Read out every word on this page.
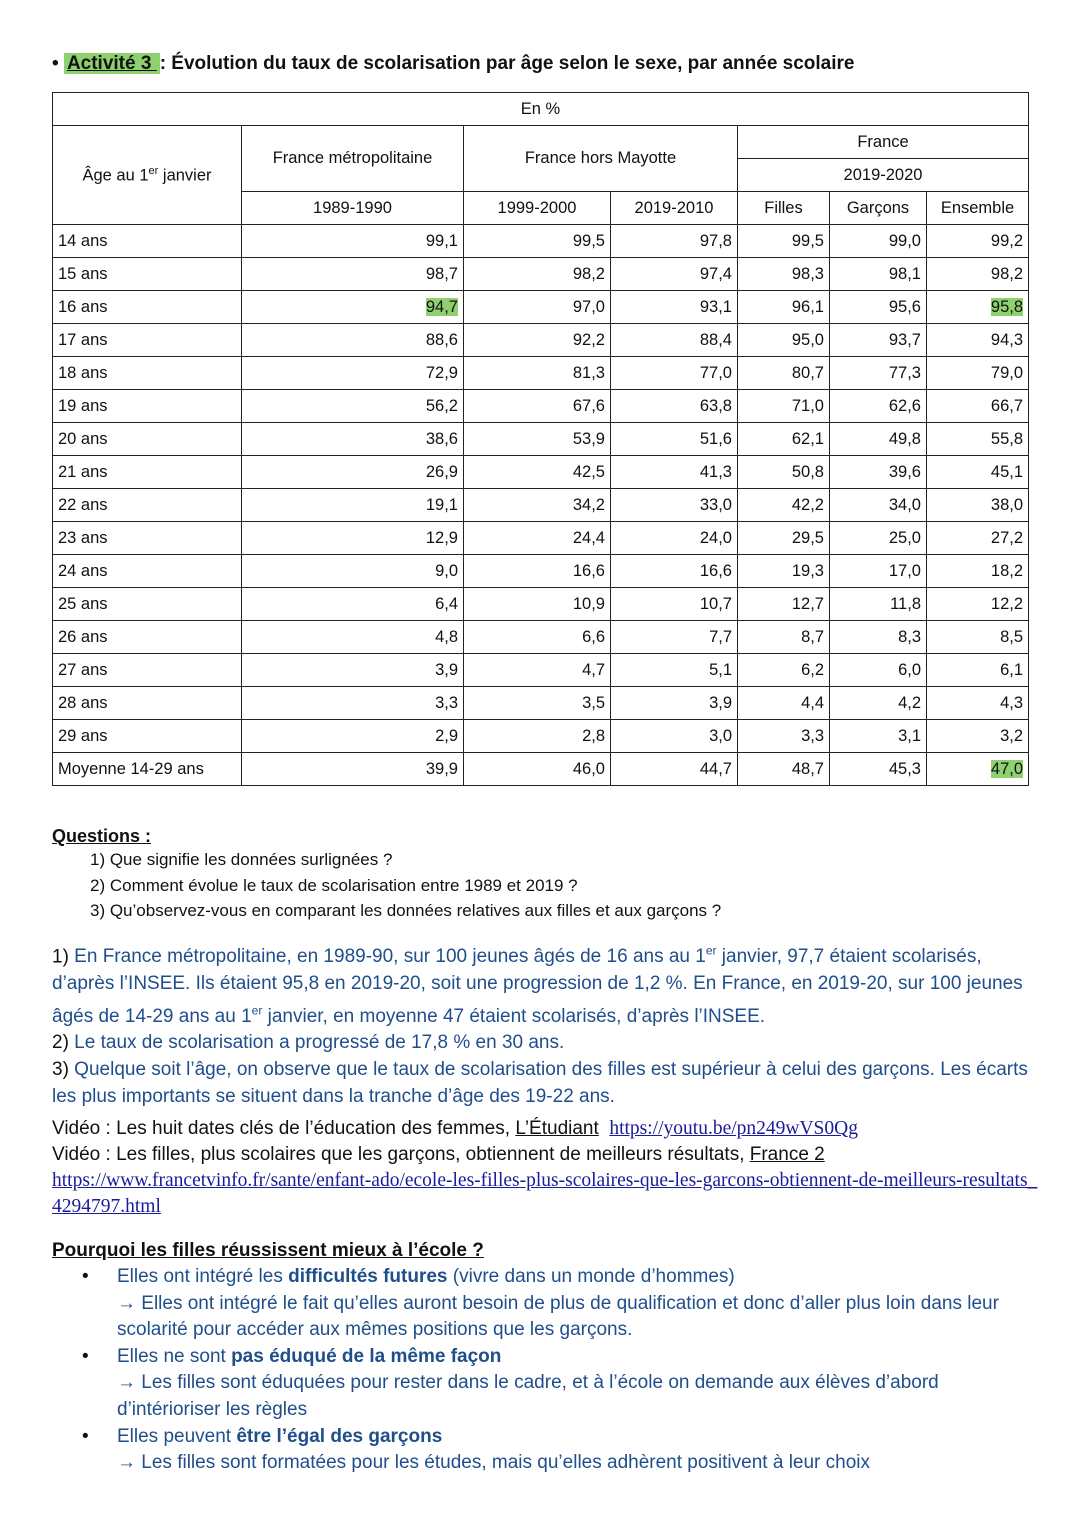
• Activité 3 : Évolution du taux de scolarisation par âge selon le sexe, par année scolaire
En %						
Âge au 1er janvier	France métropolitaine	France hors Mayotte		France		
				2019-2020		
	1989-1990	1999-2000	2019-2010	Filles	Garçons	Ensemble
14 ans	99,1	99,5	97,8	99,5	99,0	99,2
15 ans	98,7	98,2	97,4	98,3	98,1	98,2
16 ans	94,7	97,0	93,1	96,1	95,6	95,8
17 ans	88,6	92,2	88,4	95,0	93,7	94,3
18 ans	72,9	81,3	77,0	80,7	77,3	79,0
19 ans	56,2	67,6	63,8	71,0	62,6	66,7
20 ans	38,6	53,9	51,6	62,1	49,8	55,8
21 ans	26,9	42,5	41,3	50,8	39,6	45,1
22 ans	19,1	34,2	33,0	42,2	34,0	38,0
23 ans	12,9	24,4	24,0	29,5	25,0	27,2
24 ans	9,0	16,6	16,6	19,3	17,0	18,2
25 ans	6,4	10,9	10,7	12,7	11,8	12,2
26 ans	4,8	6,6	7,7	8,7	8,3	8,5
27 ans	3,9	4,7	5,1	6,2	6,0	6,1
28 ans	3,3	3,5	3,9	4,4	4,2	4,3
29 ans	2,9	2,8	3,0	3,3	3,1	3,2
Moyenne 14-29 ans	39,9	46,0	44,7	48,7	45,3	47,0
Questions :
1) Que signifie les données surlignées ?
2) Comment évolue le taux de scolarisation entre 1989 et 2019 ?
3) Qu’observez-vous en comparant les données relatives aux filles et aux garçons ?
1) En France métropolitaine, en 1989-90, sur 100 jeunes âgés de 16 ans au 1er janvier, 97,7 étaient scolarisés, d’après l’INSEE. Ils étaient 95,8 en 2019-20, soit une progression de 1,2 %. En France, en 2019-20, sur 100 jeunes âgés de 14-29 ans au 1er janvier, en moyenne 47 étaient scolarisés, d’après l’INSEE.
2) Le taux de scolarisation a progressé de 17,8 % en 30 ans.
3) Quelque soit l’âge, on observe que le taux de scolarisation des filles est supérieur à celui des garçons. Les écarts les plus importants se situent dans la tranche d’âge des 19-22 ans.
Vidéo : Les huit dates clés de l’éducation des femmes, L’Étudiant https://youtu.be/pn249wVS0Qg
Vidéo : Les filles, plus scolaires que les garçons, obtiennent de meilleurs résultats, France 2
https://www.francetvinfo.fr/sante/enfant-ado/ecole-les-filles-plus-scolaires-que-les-garcons-obtiennent-de-meilleurs-resultats_4294797.html
Pourquoi les filles réussissent mieux à l’école ?
• Elles ont intégré les difficultés futures (vivre dans un monde d’hommes)
→ Elles ont intégré le fait qu’elles auront besoin de plus de qualification et donc d’aller plus loin dans leur scolarité pour accéder aux mêmes positions que les garçons.
• Elles ne sont pas éduqué de la même façon
→ Les filles sont éduquées pour rester dans le cadre, et à l’école on demande aux élèves d’abord d’intérioriser les règles
• Elles peuvent être l’égal des garçons
→ Les filles sont formatées pour les études, mais qu’elles adhèrent positivent à leur choix
